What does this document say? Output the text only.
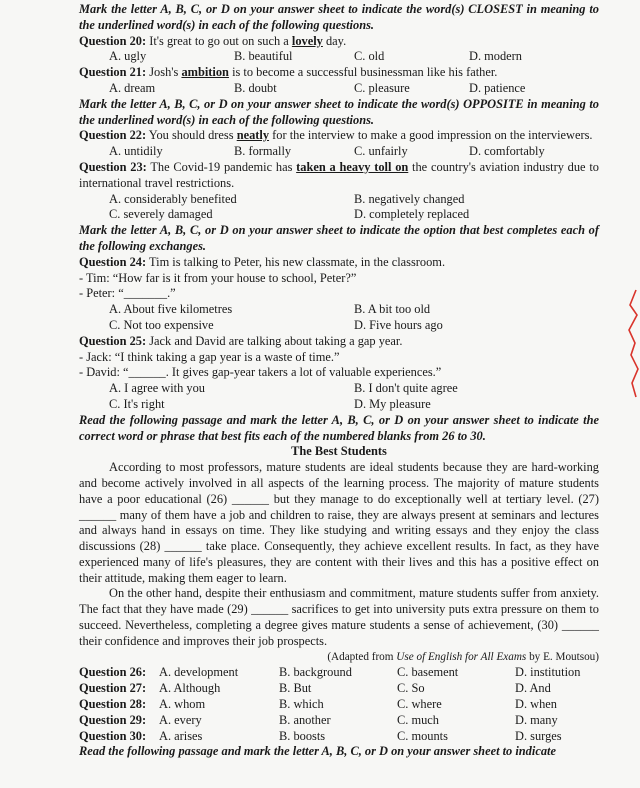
Mark the letter A, B, C, or D on your answer sheet to indicate the word(s) CLOSEST in meaning to the underlined word(s) in each of the following questions.
Question 20: It's great to go out on such a lovely day.
A. ugly	B. beautiful	C. old	D. modern
Question 21: Josh's ambition is to become a successful businessman like his father.
A. dream	B. doubt	C. pleasure	D. patience
Mark the letter A, B, C, or D on your answer sheet to indicate the word(s) OPPOSITE in meaning to the underlined word(s) in each of the following questions.
Question 22: You should dress neatly for the interview to make a good impression on the interviewers.
A. untidily	B. formally	C. unfairly	D. comfortably
Question 23: The Covid-19 pandemic has taken a heavy toll on the country's aviation industry due to international travel restrictions.
A. considerably benefited	B. negatively changed
C. severely damaged	D. completely replaced
Mark the letter A, B, C, or D on your answer sheet to indicate the option that best completes each of the following exchanges.
Question 24: Tim is talking to Peter, his new classmate, in the classroom.
- Tim: “How far is it from your house to school, Peter?”
- Peter: “_______.”
A. About five kilometres	B. A bit too old
C. Not too expensive	D. Five hours ago
Question 25: Jack and David are talking about taking a gap year.
- Jack: “I think taking a gap year is a waste of time.”
- David: “______. It gives gap-year takers a lot of valuable experiences.”
A. I agree with you	B. I don't quite agree
C. It's right	D. My pleasure
Read the following passage and mark the letter A, B, C, or D on your answer sheet to indicate the correct word or phrase that best fits each of the numbered blanks from 26 to 30.
The Best Students
According to most professors, mature students are ideal students because they are hard-working and become actively involved in all aspects of the learning process. The majority of mature students have a poor educational (26) ______ but they manage to do exceptionally well at tertiary level. (27) ______ many of them have a job and children to raise, they are always present at seminars and lectures and always hand in essays on time. They like studying and writing essays and they enjoy the class discussions (28) ______ take place. Consequently, they achieve excellent results. In fact, as they have experienced many of life's pleasures, they are content with their lives and this has a positive effect on their attitude, making them eager to learn.
On the other hand, despite their enthusiasm and commitment, mature students suffer from anxiety. The fact that they have made (29) ______ sacrifices to get into university puts extra pressure on them to succeed. Nevertheless, completing a degree gives mature students a sense of achievement, (30) ______ their confidence and improves their job prospects.
(Adapted from Use of English for All Exams by E. Moutsou)
Question 26:	A. development	B. background	C. basement	D. institution
Question 27:	A. Although	B. But	C. So	D. And
Question 28:	A. whom	B. which	C. where	D. when
Question 29:	A. every	B. another	C. much	D. many
Question 30:	A. arises	B. boosts	C. mounts	D. surges
Read the following passage and mark the letter A, B, C, or D on your answer sheet to indicate
